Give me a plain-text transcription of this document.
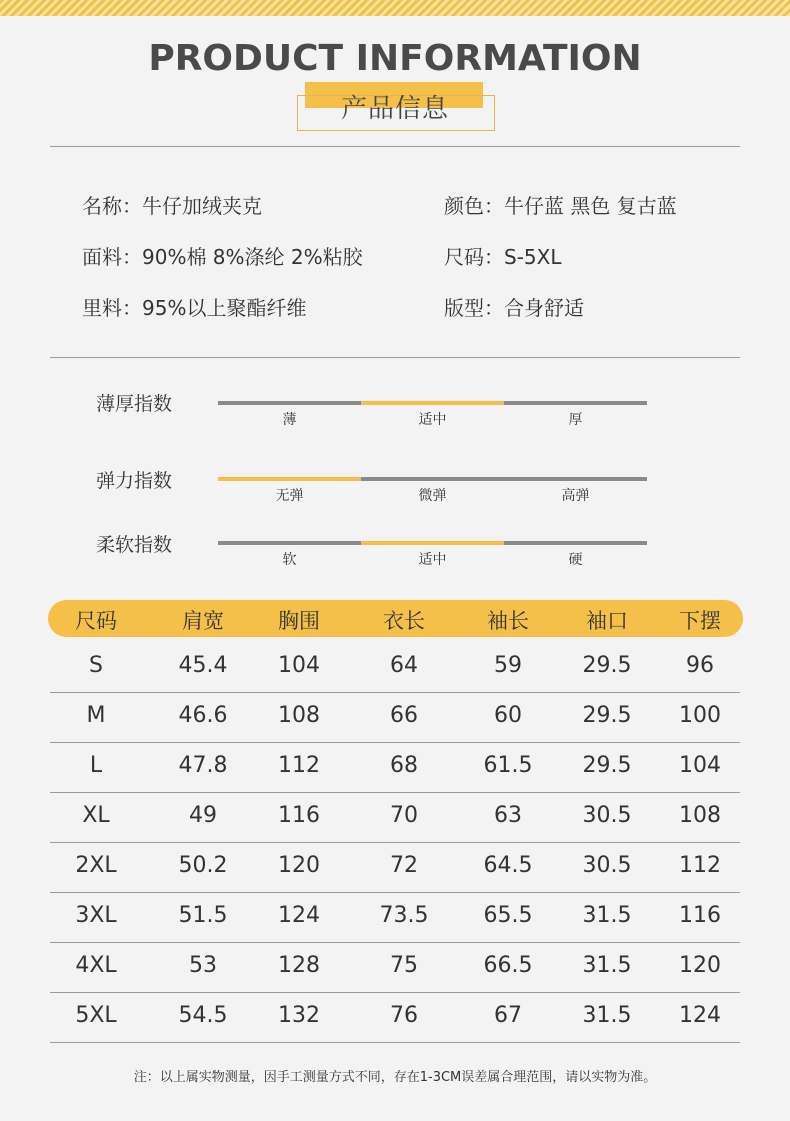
PRODUCT INFORMATION
产品信息
名称：牛仔加绒夹克	颜色：牛仔蓝 黑色 复古蓝
面料：90%棉 8%涤纶 2%粘胶	尺码：S-5XL
里料：95%以上聚酯纤维	版型：合身舒适
薄厚指数
薄	适中	厚
弹力指数
无弹	微弹	高弹
柔软指数
软	适中	硬
尺码	肩宽	胸围	衣长	袖长	袖口	下摆
S	45.4	104	64	59	29.5	96
M	46.6	108	66	60	29.5	100
L	47.8	112	68	61.5	29.5	104
XL	49	116	70	63	30.5	108
2XL	50.2	120	72	64.5	30.5	112
3XL	51.5	124	73.5	65.5	31.5	116
4XL	53	128	75	66.5	31.5	120
5XL	54.5	132	76	67	31.5	124
注：以上属实物测量，因手工测量方式不同，存在1-3CM误差属合理范围，请以实物为准。
